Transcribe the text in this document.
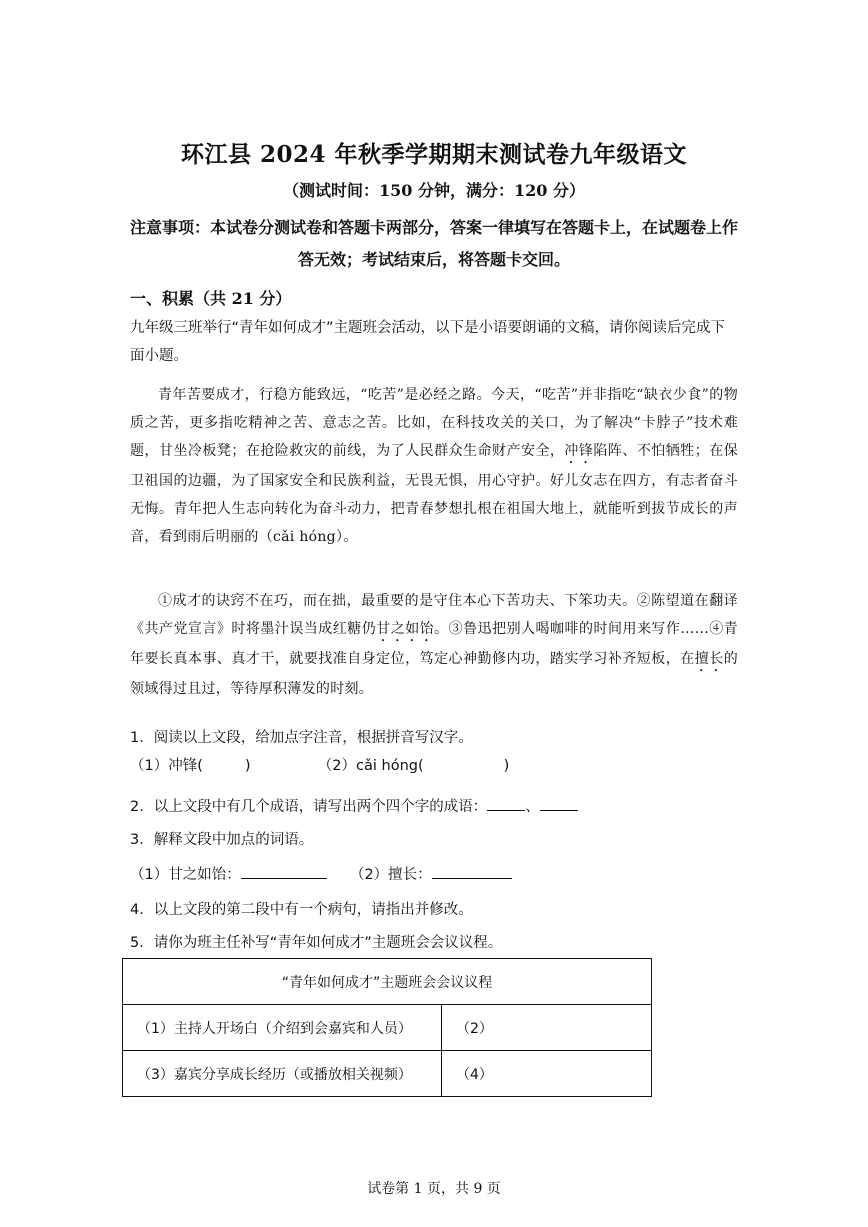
环江县 2024 年秋季学期期末测试卷九年级语文
（测试时间：150 分钟，满分：120 分）
注意事项：本试卷分测试卷和答题卡两部分，答案一律填写在答题卡上，在试题卷上作答无效；考试结束后，将答题卡交回。
一、积累（共 21 分）
九年级三班举行“青年如何成才”主题班会活动，以下是小语要朗诵的文稿，请你阅读后完成下面小题。
青年苦要成才，行稳方能致远，“吃苦”是必经之路。今天，“吃苦”并非指吃“缺衣少食”的物质之苦，更多指吃精神之苦、意志之苦。比如，在科技攻关的关口，为了解决“卡脖子”技术难题，甘坐冷板凳；在抢险救灾的前线，为了人民群众生命财产安全，冲锋陷阵、不怕牺牲；在保卫祖国的边疆，为了国家安全和民族利益，无畏无惧，用心守护。好儿女志在四方，有志者奋斗无悔。青年把人生志向转化为奋斗动力，把青春梦想扎根在祖国大地上，就能听到拔节成长的声音，看到雨后明丽的（cǎi hóng）。
①成才的诀窍不在巧，而在拙，最重要的是守住本心下苦功夫、下笨功夫。②陈望道在翻译《共产党宣言》时将墨汁误当成红糖仍甘之如饴。③鲁迅把别人喝咖啡的时间用来写作……④青年要长真本事、真才干，就要找准自身定位，笃定心神勤修内功，踏实学习补齐短板，在擅长的领域得过且过，等待厚积薄发的时刻。
1．阅读以上文段，给加点字注音，根据拼音写汉字。
（1）冲锋(	)	（2）cǎi hóng(	)
2．以上文段中有几个成语，请写出两个四个字的成语：	、
3．解释文段中加点的词语。
（1）甘之如饴：	（2）擅长：
4．以上文段的第二段中有一个病句，请指出并修改。
5．请你为班主任补写“青年如何成才”主题班会会议议程。
“青年如何成才”主题班会会议议程	
（1）主持人开场白（介绍到会嘉宾和人员）	（2）
（3）嘉宾分享成长经历（或播放相关视频）	（4）
试卷第 1 页，共 9 页
